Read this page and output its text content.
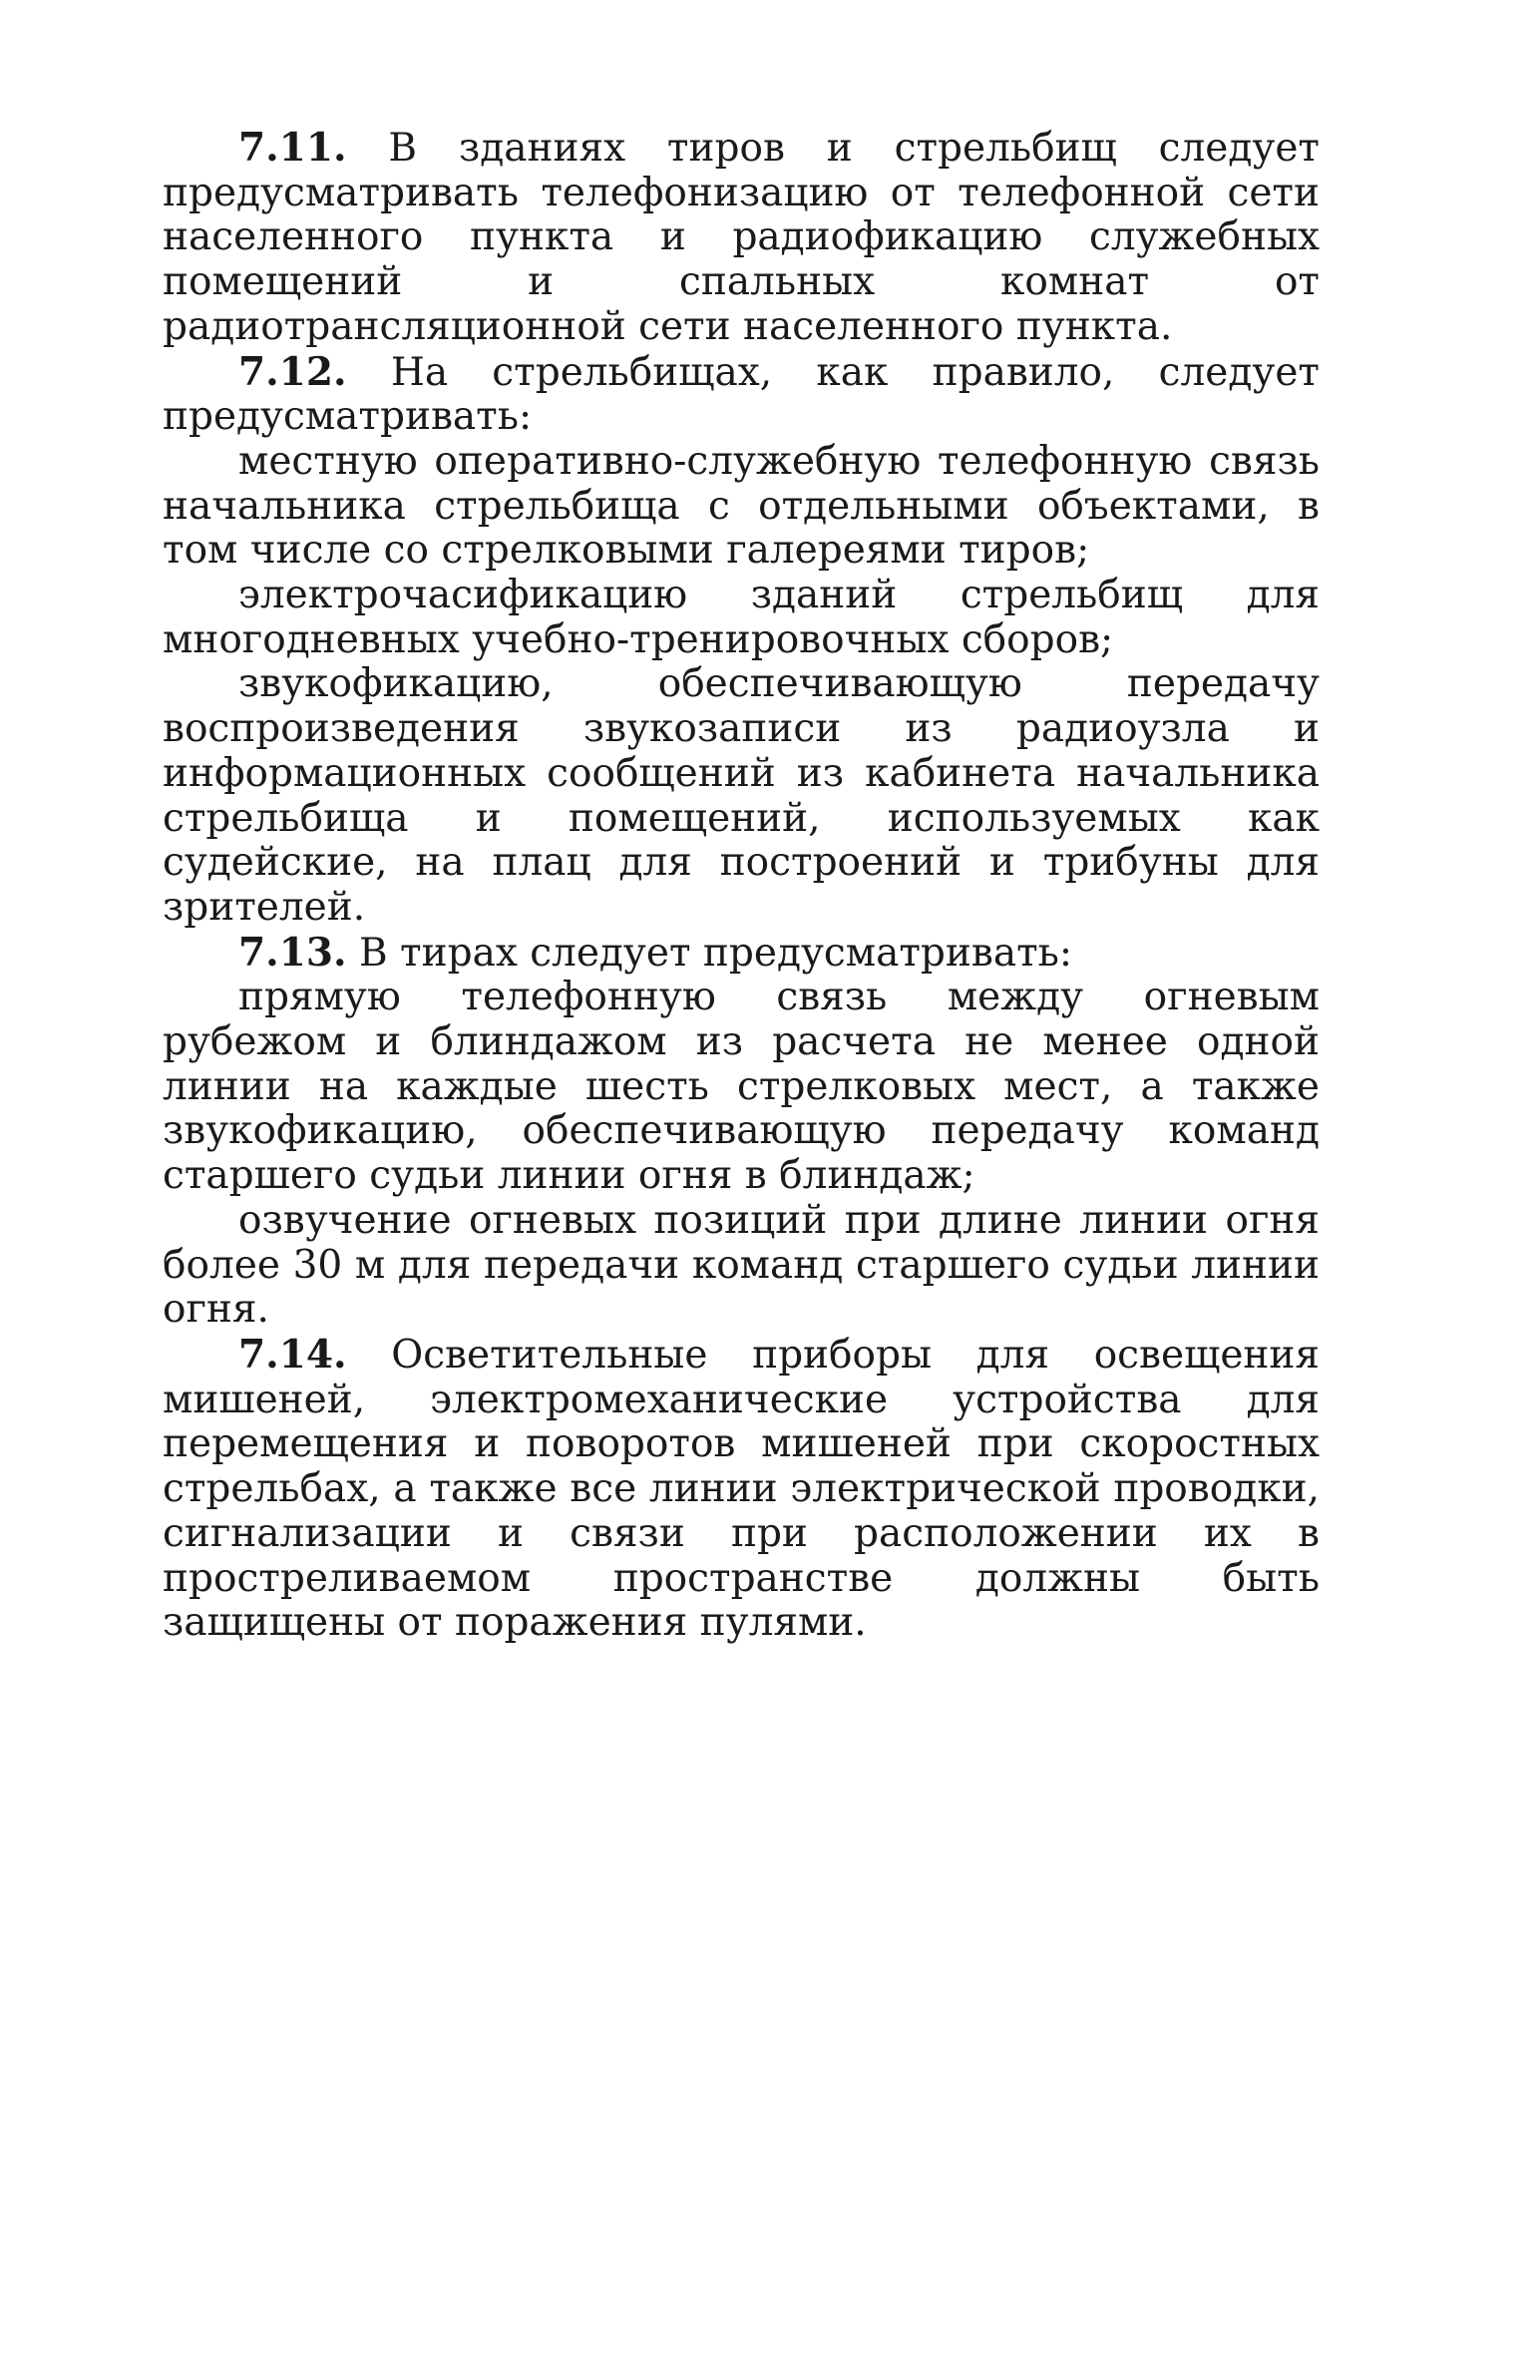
7.11. В зданиях тиров и стрельбищ следует предусматривать телефонизацию от телефонной сети населенного пункта и радиофикацию служебных помещений и спальных комнат от радиотрансляционной сети населенного пункта.

7.12. На стрельбищах, как правило, следует предусматривать:

местную оперативно-служебную телефонную связь начальника стрельбища с отдельными объектами, в том числе со стрелковыми галереями тиров;

электрочасификацию зданий стрельбищ для многодневных учебно-тренировочных сборов;

звукофикацию, обеспечивающую передачу воспроизведения звукозаписи из радиоузла и информационных сообщений из кабинета начальника стрельбища и помещений, используемых как судейские, на плац для построений и трибуны для зрителей.

7.13. В тирах следует предусматривать:

прямую телефонную связь между огневым рубежом и блиндажом из расчета не менее одной линии на каждые шесть стрелковых мест, а также звукофикацию, обеспечивающую передачу команд старшего судьи линии огня в блиндаж;

озвучение огневых позиций при длине линии огня более 30 м для передачи команд старшего судьи линии огня.

7.14. Осветительные приборы для освещения мишеней, электромеханические устройства для перемещения и поворотов мишеней при скоростных стрельбах, а также все линии электрической проводки, сигнализации и связи при расположении их в простреливаемом пространстве должны быть защищены от поражения пулями.
